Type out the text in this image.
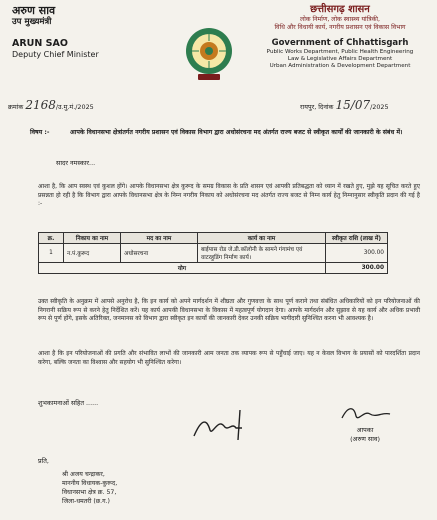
अरुण साव
उप मुख्यमंत्री
ARUN SAO
Deputy Chief Minister
छत्तीसगढ़ शासन
लोक निर्माण, लोक स्वास्थ्य यांत्रिकी,
विधि और विधायी कार्य, नगरीय प्रशासन एवं विकास विभाग
Government of Chhattisgarh
Public Works Department, Public Health Engineering
Law & Legislative Affairs Department
Urban Administration & Development Department
क्रमांक 2168/उ.मु.मं./2025	रायपुर, दिनांक 15/07/2025
विषय :-	आपके विधानसभा क्षेत्रांतर्गत नगरीय प्रशासन एवं विकास विभाग द्वारा अधोसंरचना मद अंतर्गत राज्य बजट से स्वीकृत कार्यों की जानकारी के संबंध में।
सादर नमस्कार...
आशा है, कि आप स्वस्थ एवं कुशल होंगे। आपके विधानसभा क्षेत्र कुरूद के समग्र विकास के प्रति शासन एवं आपकी प्रतिबद्धता को ध्यान में रखते हुए, मुझे यह सूचित करते हुए प्रसन्नता हो रही है कि विभाग द्वारा आपके विधानसभा क्षेत्र के निम्न नगरीय निकाय को अधोसंरचना मद अंतर्गत राज्य बजट से निम्न कार्य हेतु निम्नानुसार स्वीकृति प्रदान की गई है :-
क्र.	निकाय का नाम	मद का नाम	कार्य का नाम	स्वीकृत राशि (लाख में)
1	न.पं.कुरूद	अधोसरचना	बाईपास रोड जे.डी.कॉलोनी के सामने गंगामंच एवं वाटरहुडिंग निर्माण कार्य।	300.00
योग				300.00
उक्त स्वीकृति के अनुक्रम में आपसे अनुरोध है, कि इन कार्य को अपने मार्गदर्शन में शीघ्रता और गुणवत्ता के साथ पूर्ण कराने तथा संबंधित अधिकारियों को इन परियोजनाओं की निगरानी सक्रिय रूप से करने हेतु निर्देशित करें। यह कार्य आपकी विधानसभा के विकास में महत्वपूर्ण योगदान देगा। आपके मार्गदर्शन और सुझाव से यह कार्य और अधिक प्रभावी रूप से पूर्ण होंगे, इसके अतिरिक्त, जनमानस को विभाग द्वारा स्वीकृत इन कार्यों की जानकारी देकर उनकी सक्रिय भागीदारी सुनिश्चित करना भी आवश्यक है।
आशा है कि इन परियोजनाओं की प्रगति और संभावित लाभों की जानकारी आम जनता तक व्यापक रूप से पहुँचाई जाए। यह न केवल विभाग के प्रयासों को पारदर्शिता प्रदान करेगा, बल्कि जनता का विश्वास और सहयोग भी सुनिश्चित करेगा।
शुभकामनाओं सहित ......
आपका
(अरुण साव)
प्रति,
श्री अजय चन्द्राकर,
माननीय विधायक-कुरूद,
विधानसभा क्षेत्र क्र. 57,
जिला-धमतरी (छ.ग.)
